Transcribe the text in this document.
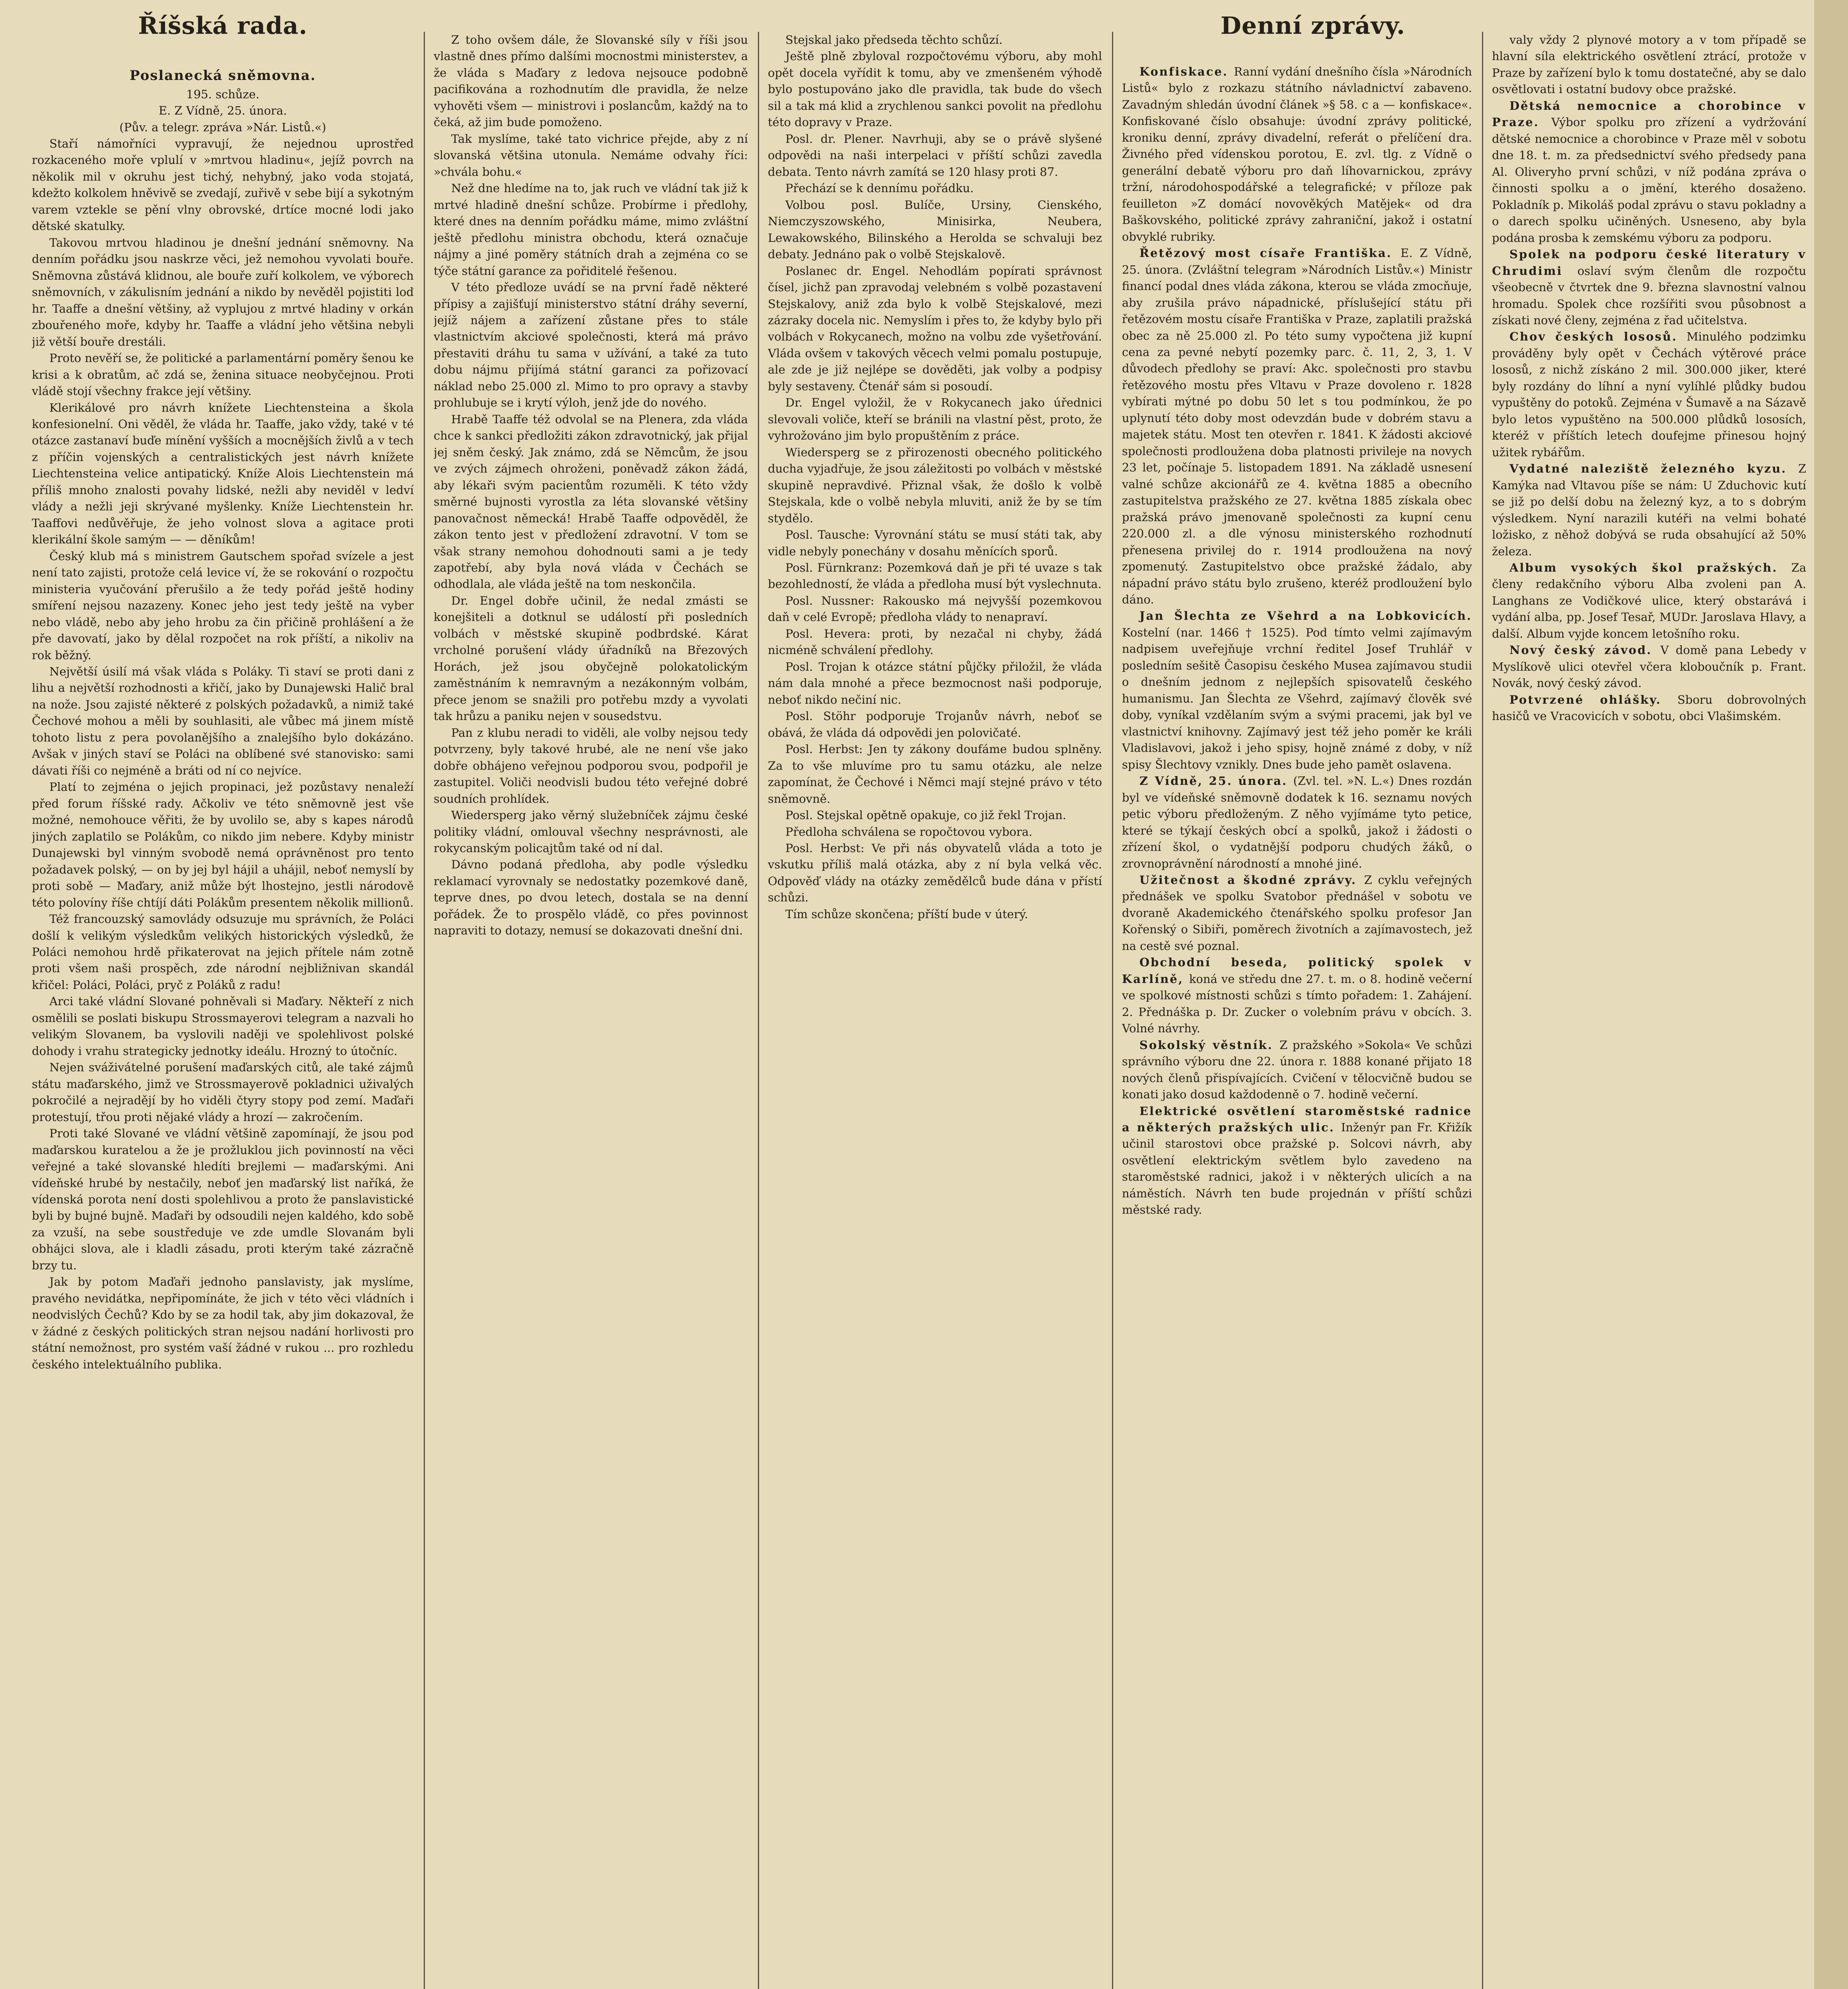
Říšská rada.	Denní zprávy.
Poslanecká sněmovna.

195. schůze.

E. Z Vídně, 25. února.

(Pův. a telegr. zpráva »Nár. Listů.«)

Staří námořníci vypravují, že nejednou uprostřed rozkaceného moře vplulí v »mrtvou hladinu«, jejíž povrch na několik mil v okruhu jest tichý, nehybný, jako voda stojatá, kdežto kolkolem hněvivě se zvedají, zuřivě v sebe bijí a sykotným varem vztekle se pění vlny obrovské, drtíce mocné lodi jako dětské skatulky.

Takovou mrtvou hladinou je dnešní jednání sněmovny. Na denním pořádku jsou naskrze věci, jež nemohou vyvolati bouře. Sněmovna zůstává klidnou, ale bouře zuří kolkolem, ve výborech sněmovních, v zákulisním jednání a nikdo by nevěděl pojistiti loď hr. Taaffe a dnešní většiny, až vyplujou z mrtvé hladiny v orkán zbouřeného moře, kdyby hr. Taaffe a vládní jeho většina nebyli již větší bouře drestáli.

Proto nevěří se, že politické a parlamentární poměry šenou ke krisi a k obratům, ač zdá se, ženina situace neobyčejnou. Proti vládě stojí všechny frakce její většiny.

Klerikálové pro návrh knížete Liechtensteina a škola konfesionelní. Oni věděl, že vláda hr. Taaffe, jako vždy, také v té otázce zastanaví buďe mínění vyšších a mocnějších živlů a v tech z příčin vojenských a centralistických jest návrh knížete Liechtensteina velice antipatický. Kníže Alois Liechtenstein má příliš mnoho znalosti povahy lidské, nežli aby neviděl v ledví vlády a nežli jeji skrývané myšlenky. Kníže Liechtenstein hr. Taaffovi nedůvěřuje, že jeho volnost slova a agitace proti klerikální škole samým — — děníkům!

Český klub má s ministrem Gautschem spořad svízele a jest není tato zajisti, protože celá levice ví, že se rokování o rozpočtu ministeria vyučování přerušilo a že tedy pořád ještě hodiny smíření nejsou nazazeny. Konec jeho jest tedy ještě na vyber nebo vládě, nebo aby jeho hrobu za čin přičině prohlášení a že pře davovatí, jako by dělal rozpočet na rok příští, a nikoliv na rok běžný.

Největší úsilí má však vláda s Poláky. Ti staví se proti dani z lihu a největší rozhodnosti a křičí, jako by Dunajewski Halič bral na nože. Jsou zajisté některé z polských požadavků, a nimiž také Čechové mohou a měli by souhlasiti, ale vůbec má jinem místě tohoto listu z pera povolanějšího a znalejšího bylo dokázáno. Avšak v jiných staví se Poláci na oblíbené své stanovisko: sami dávati říši co nejméně a bráti od ní co nejvíce.

Platí to zejména o jejich propinaci, jež pozůstavy nenaleží před forum říšské rady. Ačkoliv ve této sněmovně jest vše možné, nemohouce věřiti, že by uvolilo se, aby s kapes národů jiných zaplatilo se Polákům, co nikdo jim nebere. Kdyby ministr Dunajewski byl vinným svobodě nemá oprávněnost pro tento požadavek polský, — on by jej byl hájil a uhájil, neboť nemyslí by proti sobě — Maďary, aniž může být lhostejno, jestli národově této polovíny říše chtíjí dáti Polákům presentem několik millionů.

Též francouzský samovlády odsuzuje mu správních, že Poláci došlí k velikým výsledkům velikých historických výsledků, že Poláci nemohou hrdě přikaterovat na jejich přítele nám zotně proti všem naši prospěch, zde národní nejbližnivan skandál křičel: Poláci, Poláci, pryč z Poláků z radu!

Arci také vládní Slované pohněvali si Maďary. Někteří z nich osmělili se poslati biskupu Strossmayerovi telegram a nazvali ho velikým Slovanem, ba vyslovili naději ve spolehlivost polské dohody i vrahu strategicky jednotky ideálu. Hrozný to útočníc.

Nejen sváživátelné porušení maďarských citů, ale také zájmů státu maďarského, jimž ve Strossmayerově pokladnici uživalých pokročilé a nejradějí by ho viděli čtyry stopy pod zemí. Maďaři protestují, třou proti nějaké vlády a hrozí — zakročením.

Proti také Slované ve vládní většině zapomínají, že jsou pod maďarskou kuratelou a že je prožluklou jich povinností na věci veřejné a také slovanské hledíti brejlemi — maďarskými. Ani vídeňské hrubé by nestačily, neboť jen maďarský list naříká, že vídenská porota není dosti spolehlivou a proto že panslavistické byli by bujné bujně. Maďaři by odsoudili nejen kaldého, kdo sobě za vzuší, na sebe soustředuje ve zde umdle Slovanám byli obhájci slova, ale i kladli zásadu, proti kterým také zázračně brzy tu.

Jak by potom Maďaři jednoho panslavisty, jak myslíme, pravého nevidátka, nepřipomínáte, že jich v této věci vládních i neodvislých Čechů? Kdo by se za hodil tak, aby jim dokazoval, že v žádné z českých politických stran nejsou nadání horlivosti pro státní nemožnost, pro systém vaší žádné v rukou ... pro rozhledu českého intelektuálního publika.

Z toho ovšem dále, že Slovanské síly v říši jsou vlastně dnes přímo dalšími mocnostmi ministerstev, a že vláda s Maďary z ledova nejsouce podobně pacifikována a rozhodnutím dle pravidla, že nelze vyhověti všem — ministrovi i poslancům, každý na to čeká, až jim bude pomoženo.

Tak myslíme, také tato vichrice přejde, aby z ní slovanská většina utonula. Nemáme odvahy říci: »chvála bohu.«

Než dne hledíme na to, jak ruch ve vládní tak již k mrtvé hladině dnešní schůze. Probírme i předlohy, které dnes na denním pořádku máme, mimo zvláštní ještě předlohu ministra obchodu, která označuje nájmy a jiné poměry státních drah a zejména co se týče státní garance za pořiditelé řešenou.

V této předloze uvádí se na první řadě některé přípisy a zajišťují ministerstvo státní dráhy severní, jejíž nájem a zařízení zůstane přes to stále vlastnictvím akciové společnosti, která má právo přestaviti dráhu tu sama v užívání, a také za tuto dobu nájmu přijímá státní garanci za pořizovací náklad nebo 25.000 zl. Mimo to pro opravy a stavby prohlubuje se i krytí výloh, jenž jde do nového.

Hrabě Taaffe též odvolal se na Plenera, zda vláda chce k sankci předložiti zákon zdravotnický, jak přijal jej sněm český. Jak známo, zdá se Němcům, že jsou ve zvých zájmech ohroženi, poněvadž zákon žádá, aby lékaři svým pacientům rozuměli. K této vždy směrné bujnosti vyrostla za léta slovanské většiny panovačnost německá! Hrabě Taaffe odpověděl, že zákon tento jest v předložení zdravotní. V tom se však strany nemohou dohodnouti sami a je tedy zapotřebí, aby byla nová vláda v Čechách se odhodlala, ale vláda ještě na tom neskončila.

Dr. Engel dobře učinil, že nedal zmásti se konejšiteli a dotknul se událostí při posledních volbách v městské skupině podbrdské. Kárat vrcholné porušení vlády úřadníků na Březových Horách, jež jsou obyčejně polokatolickým zaměstnáním k nemravným a nezákonným volbám, přece jenom se snažili pro potřebu mzdy a vyvolati tak hrůzu a paniku nejen v sousedstvu.

Pan z klubu neradi to viděli, ale volby nejsou tedy potvrzeny, byly takové hrubé, ale ne není vše jako dobře obhájeno veřejnou podporou svou, podpořil je zastupitel. Voliči neodvisli budou této veřejné dobré soudních prohlídek.

Wiedersperg jako věrný služebníček zájmu české politiky vládní, omlouval všechny nesprávnosti, ale rokycanským policajtům také od ní dal.

Dávno podaná předloha, aby podle výsledku reklamací vyrovnaly se nedostatky pozemkové daně, teprve dnes, po dvou letech, dostala se na denní pořádek. Že to prospělo vládě, co přes povinnost napraviti to dotazy, nemusí se dokazovati dnešní dni.

Stejskal jako předseda těchto schůzí.

Ještě plně zbyloval rozpočtovému výboru, aby mohl opět docela vyřídit k tomu, aby ve zmenšeném výhodě bylo postupováno jako dle pravidla, tak bude do všech sil a tak má klid a zrychlenou sankci povolit na předlohu této dopravy v Praze.

Posl. dr. Plener. Navrhuji, aby se o právě slyšené odpovědi na naši interpelaci v příští schůzi zavedla debata. Tento návrh zamítá se 120 hlasy proti 87.

Přechází se k dennímu pořádku.

Volbou posl. Bulíče, Ursiny, Cienského, Niemczyszowského, Minisirka, Neubera, Lewakowského, Bilinského a Herolda se schvaluji bez debaty. Jednáno pak o volbě Stejskalově.

Poslanec dr. Engel. Nehodlám popírati správnost čísel, jichž pan zpravodaj velebném s volbě pozastavení Stejskalovy, aniž zda bylo k volbě Stejskalové, mezi zázraky docela nic. Nemyslím i přes to, že kdyby bylo při volbách v Rokycanech, možno na volbu zde vyšetřování. Vláda ovšem v takových věcech velmi pomalu postupuje, ale zde je již nejlépe se dověděti, jak volby a podpisy byly sestaveny. Čtenář sám si posoudí.

Dr. Engel vyložil, že v Rokycanech jako úřednici slevovali voliče, kteří se bránili na vlastní pěst, proto, že vyhrožováno jim bylo propuštěním z práce.

Wiedersperg se z přirozenosti obecného politického ducha vyjadřuje, že jsou záležitosti po volbách v městské skupině nepravdivé. Přiznal však, že došlo k volbě Stejskala, kde o volbě nebyla mluviti, aniž že by se tím stydělo.

Posl. Tausche: Vyrovnání státu se musí státi tak, aby vidle nebyly ponechány v dosahu měnících sporů.

Posl. Fürnkranz: Pozemková daň je při té uvaze s tak bezohledností, že vláda a předloha musí být vyslechnuta.

Posl. Nussner: Rakousko má nejvyšší pozemkovou daň v celé Evropě; předloha vlády to nenapraví.

Posl. Hevera: proti, by nezačal ni chyby, žádá nicméně schválení předlohy.

Posl. Trojan k otázce státní půjčky přiložil, že vláda nám dala mnohé a přece bezmocnost naši podporuje, neboť nikdo nečiní nic.

Posl. Stöhr podporuje Trojanův návrh, neboť se obává, že vláda dá odpovědi jen polovičaté.

Posl. Herbst: Jen ty zákony doufáme budou splněny. Za to vše mluvíme pro tu samu otázku, ale nelze zapomínat, že Čechové i Němci mají stejné právo v této sněmovně.

Posl. Stejskal opětně opakuje, co již řekl Trojan.

Předloha schválena se ropočtovou vybora.

Posl. Herbst: Ve při nás obyvatelů vláda a toto je vskutku příliš malá otázka, aby z ní byla velká věc. Odpověď vlády na otázky zemědělců bude dána v přístí schůzi.

Tím schůze skončena; příští bude v úterý.

Konfiskace. Ranní vydání dnešního čísla »Národních Listů« bylo z rozkazu státního návladnictví zabaveno. Zavadným shledán úvodní článek »§ 58. c a — konfiskace«. Konfiskované číslo obsahuje: úvodní zprávy politické, kroniku denní, zprávy divadelní, referát o přelíčení dra. Živného před vídenskou porotou, E. zvl. tlg. z Vídně o generální debatě výboru pro daň líhovarnickou, zprávy tržní, národohospodářské a telegrafické; v příloze pak feuilleton »Z domácí novověkých Matějek« od dra Baškovského, politické zprávy zahraniční, jakož i ostatní obvyklé rubriky.

Řetězový most císaře Františka. E. Z Vídně, 25. února. (Zvláštní telegram »Národních Listův.«) Ministr financí podal dnes vláda zákona, kterou se vláda zmocňuje, aby zrušila právo nápadnické, příslušející státu při řetězovém mostu císaře Františka v Praze, zaplatili pražská obec za ně 25.000 zl. Po této sumy vypočtena již kupní cena za pevné nebytí pozemky parc. č. 11, 2, 3, 1. V důvodech předlohy se praví: Akc. společnosti pro stavbu řetězového mostu přes Vltavu v Praze dovoleno r. 1828 vybírati mýtné po dobu 50 let s tou podmínkou, že po uplynutí této doby most odevzdán bude v dobrém stavu a majetek státu. Most ten otevřen r. 1841. K žádosti akciové společnosti prodloužena doba platnosti privileje na novych 23 let, počínaje 5. listopadem 1891. Na základě usnesení valné schůze akcionářů ze 4. května 1885 a obecního zastupitelstva pražského ze 27. května 1885 získala obec pražská právo jmenovaně společnosti za kupní cenu 220.000 zl. a dle výnosu ministerského rozhodnutí přenesena privilej do r. 1914 prodloužena na nový zpomenutý. Zastupitelstvo obce pražské žádalo, aby nápadní právo státu bylo zrušeno, kteréž prodloužení bylo dáno.

Jan Šlechta ze Všehrd a na Lobkovicích. Kostelní (nar. 1466 † 1525). Pod tímto velmi zajímavým nadpisem uveřejňuje vrchní ředitel Josef Truhlář v posledním sešitě Časopisu českého Musea zajímavou studii o dnešním jednom z nejlepších spisovatelů českého humanismu. Jan Šlechta ze Všehrd, zajímavý člověk své doby, vyníkal vzdělaním svým a svými pracemi, jak byl ve vlastnictví knihovny. Zajímavý jest též jeho poměr ke králi Vladislavovi, jakož i jeho spisy, hojně známé z doby, v níž spisy Šlechtovy vznikly. Dnes bude jeho pamět oslavena.

Z Vídně, 25. února. (Zvl. tel. »N. L.«) Dnes rozdán byl ve vídeňské sněmovně dodatek k 16. seznamu nových petic výboru předloženým. Z něho vyjímáme tyto petice, které se týkají českých obcí a spolků, jakož i žádosti o zřízení škol, o vydatnější podporu chudých žáků, o zrovnoprávnění národností a mnohé jiné.

Užitečnost a škodné zprávy. Z cyklu veřejných přednášek ve spolku Svatobor přednášel v sobotu ve dvoraně Akademického čtenářského spolku profesor Jan Kořenský o Sibiři, poměrech životních a zajímavostech, jež na cestě své poznal.

Obchodní beseda, politický spolek v Karlíně, koná ve středu dne 27. t. m. o 8. hodině večerní ve spolkové místnosti schůzi s tímto pořadem: 1. Zahájení. 2. Přednáška p. Dr. Zucker o volebním právu v obcích. 3. Volné návrhy.

Sokolský věstník. Z pražského »Sokola« Ve schůzi správního výboru dne 22. února r. 1888 konané přijato 18 nových členů přispívajících. Cvičení v tělocvičně budou se konati jako dosud každodenně o 7. hodině večerní.

Elektrické osvětlení staroměstské radnice a některých pražských ulic. Inženýr pan Fr. Křižík učinil starostovi obce pražské p. Solcovi návrh, aby osvětlení elektrickým světlem bylo zavedeno na staroměstské radnici, jakož i v některých ulicích a na náměstích. Návrh ten bude projednán v příští schůzi městské rady.

valy vždy 2 plynové motory a v tom případě se hlavní síla elektrického osvětlení ztrácí, protože v Praze by zařízení bylo k tomu dostatečné, aby se dalo osvětlovati i ostatní budovy obce pražské.

Dětská nemocnice a chorobince v Praze. Výbor spolku pro zřízení a vydržování dětské nemocnice a chorobince v Praze měl v sobotu dne 18. t. m. za předsednictví svého předsedy pana Al. Oliveryho první schůzi, v níž podána zpráva o činnosti spolku a o jmění, kterého dosaženo. Pokladník p. Mikoláš podal zprávu o stavu pokladny a o darech spolku učiněných. Usneseno, aby byla podána prosba k zemskému výboru za podporu.

Spolek na podporu české literatury v Chrudimi oslaví svým členům dle rozpočtu všeobecně v čtvrtek dne 9. března slavnostní valnou hromadu. Spolek chce rozšířiti svou působnost a získati nové členy, zejména z řad učitelstva.

Chov českých lososů. Minulého podzimku prováděny byly opět v Čechách výtěrové práce lososů, z nichž získáno 2 mil. 300.000 jiker, které byly rozdány do líhní a nyní vylíhlé plůdky budou vypuštěny do potoků. Zejména v Šumavě a na Sázavě bylo letos vypuštěno na 500.000 plůdků lososích, kteréž v příštích letech doufejme přinesou hojný užitek rybářům.

Vydatné naleziště železného kyzu. Z Kamýka nad Vltavou píše se nám: U Zduchovic kutí se již po delší dobu na železný kyz, a to s dobrým výsledkem. Nyní narazili kutéři na velmi bohaté ložisko, z něhož dobývá se ruda obsahující až 50% železa.

Album vysokých škol pražských. Za členy redakčního výboru Alba zvoleni pan A. Langhans ze Vodičkové ulice, který obstarává i vydání alba, pp. Josef Tesař, MUDr. Jaroslava Hlavy, a další. Album vyjde koncem letošního roku.

Nový český závod. V domě pana Lebedy v Myslíkově ulici otevřel včera kloboučník p. Frant. Novák, nový český závod.

Potvrzené ohlášky. Sboru dobrovolných hasičů ve Vracovicích v sobotu, obci Vlašimském.
